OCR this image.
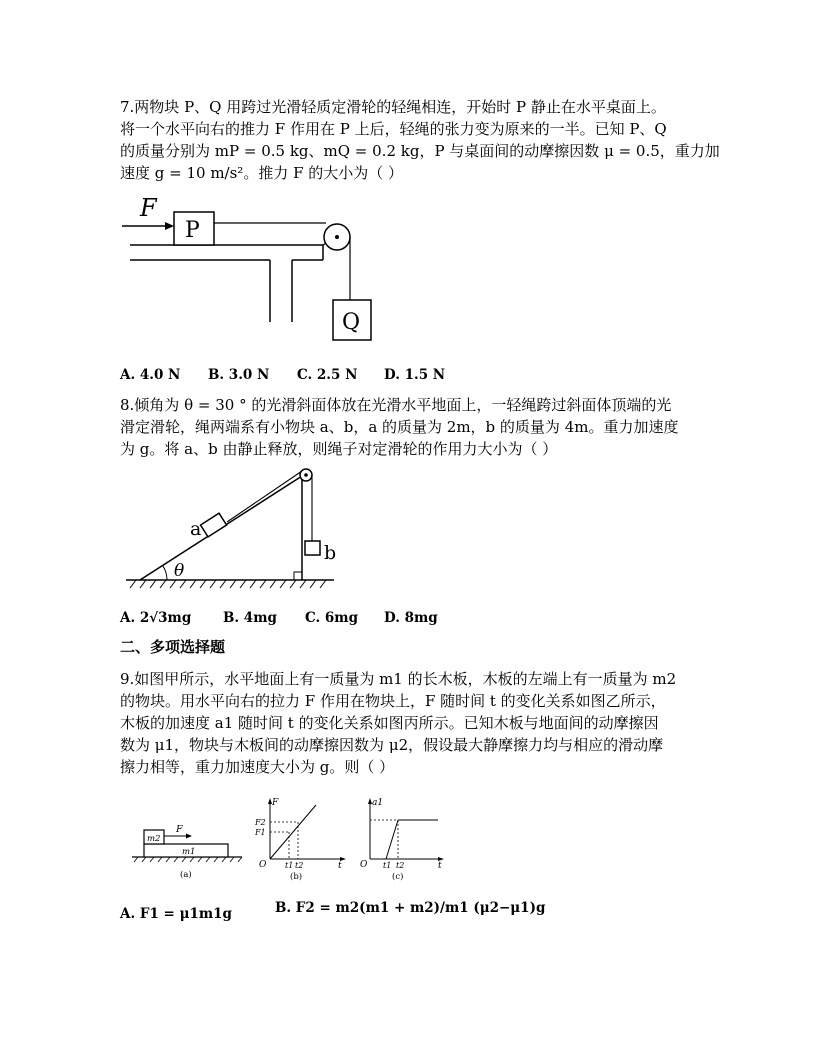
7.两物块 P、Q 用跨过光滑轻质定滑轮的轻绳相连，开始时 P 静止在水平桌面上。
将一个水平向右的推力 F 作用在 P 上后，轻绳的张力变为原来的一半。已知 P、Q
的质量分别为 mP = 0.5 kg、mQ = 0.2 kg，P 与桌面间的动摩擦因数 μ = 0.5，重力加
速度 g = 10 m/s²。推力 F 的大小为（ ）
F
P
Q
A. 4.0 N B. 3.0 N C. 2.5 N D. 1.5 N
8.倾角为 θ = 30 ° 的光滑斜面体放在光滑水平地面上，一轻绳跨过斜面体顶端的光
滑定滑轮，绳两端系有小物块 a、b，a 的质量为 2m，b 的质量为 4m。重力加速度
为 g。将 a、b 由静止释放，则绳子对定滑轮的作用力大小为（ ）
a
b
θ
A. 2√3mg B. 4mg C. 6mg D. 8mg
二、多项选择题
9.如图甲所示，水平地面上有一质量为 m1 的长木板，木板的左端上有一质量为 m2
的物块。用水平向右的拉力 F 作用在物块上，F 随时间 t 的变化关系如图乙所示，
木板的加速度 a1 随时间 t 的变化关系如图丙所示。已知木板与地面间的动摩擦因
数为 μ1，物块与木板间的动摩擦因数为 μ2，假设最大静摩擦力均与相应的滑动摩
擦力相等，重力加速度大小为 g。则（ ）
m2
F
m1
(a)
F
F2
F1
O t1 t2	t
(b)
a1
O t1 t2	t
(c)
A. F1 = μ1m1g	B. F2 = m2(m1 + m2)/m1 (μ2−μ1)g
